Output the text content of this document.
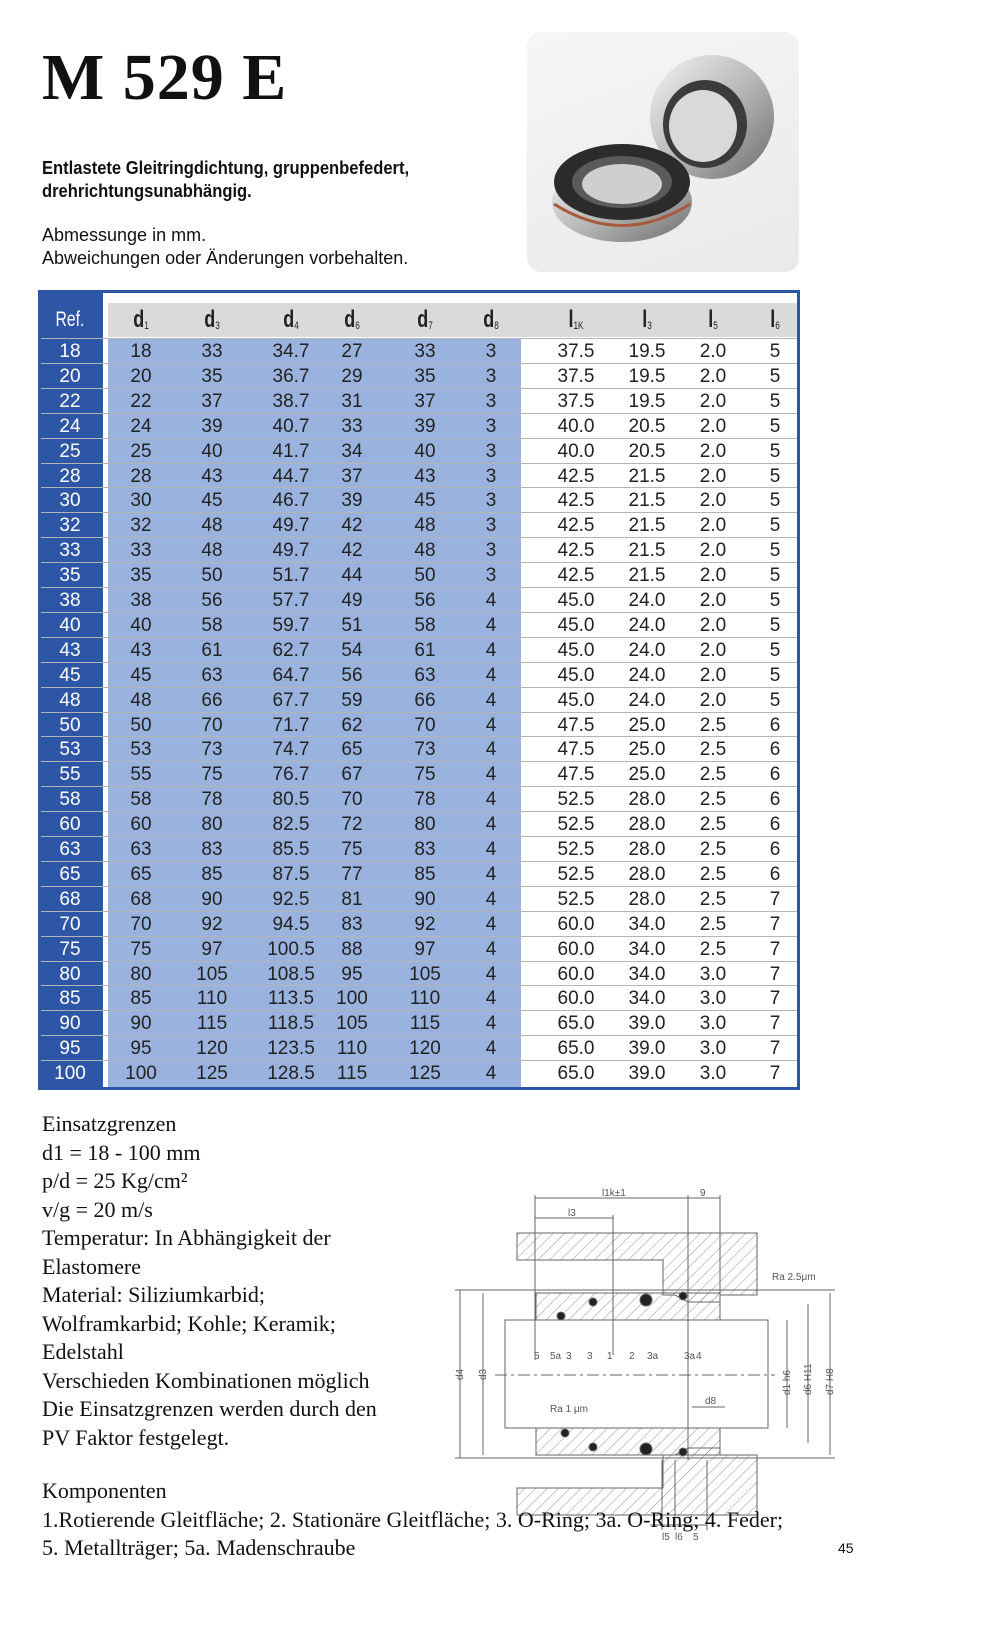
M 529 E
Entlastete Gleitringdichtung, gruppenbefedert,
drehrichtungsunabhängig.
Abmessunge in mm.
Abweichungen oder Änderungen vorbehalten.
Ref.	$d_1$	$d_3$	$d_4$	$d_6$	$d_7$	$d_8$	$l_{1K}$	$l_3$	$l_5$	$l_6$
18	18	33	34.7	27	33	3	37.5	19.5	2.0	5
20	20	35	36.7	29	35	3	37.5	19.5	2.0	5
22	22	37	38.7	31	37	3	37.5	19.5	2.0	5
24	24	39	40.7	33	39	3	40.0	20.5	2.0	5
25	25	40	41.7	34	40	3	40.0	20.5	2.0	5
28	28	43	44.7	37	43	3	42.5	21.5	2.0	5
30	30	45	46.7	39	45	3	42.5	21.5	2.0	5
32	32	48	49.7	42	48	3	42.5	21.5	2.0	5
33	33	48	49.7	42	48	3	42.5	21.5	2.0	5
35	35	50	51.7	44	50	3	42.5	21.5	2.0	5
38	38	56	57.7	49	56	4	45.0	24.0	2.0	5
40	40	58	59.7	51	58	4	45.0	24.0	2.0	5
43	43	61	62.7	54	61	4	45.0	24.0	2.0	5
45	45	63	64.7	56	63	4	45.0	24.0	2.0	5
48	48	66	67.7	59	66	4	45.0	24.0	2.0	5
50	50	70	71.7	62	70	4	47.5	25.0	2.5	6
53	53	73	74.7	65	73	4	47.5	25.0	2.5	6
55	55	75	76.7	67	75	4	47.5	25.0	2.5	6
58	58	78	80.5	70	78	4	52.5	28.0	2.5	6
60	60	80	82.5	72	80	4	52.5	28.0	2.5	6
63	63	83	85.5	75	83	4	52.5	28.0	2.5	6
65	65	85	87.5	77	85	4	52.5	28.0	2.5	6
68	68	90	92.5	81	90	4	52.5	28.0	2.5	7
70	70	92	94.5	83	92	4	60.0	34.0	2.5	7
75	75	97	100.5	88	97	4	60.0	34.0	2.5	7
80	80	105	108.5	95	105	4	60.0	34.0	3.0	7
85	85	110	113.5	100	110	4	60.0	34.0	3.0	7
90	90	115	118.5	105	115	4	65.0	39.0	3.0	7
95	95	120	123.5	110	120	4	65.0	39.0	3.0	7
100	100	125	128.5	115	125	4	65.0	39.0	3.0	7
Einsatzgrenzen
d1 = 18 - 100 mm
p/d = 25 Kg/cm²
v/g = 20 m/s
Temperatur: In Abhängigkeit der
Elastomere
Material: Siliziumkarbid;
Wolframkarbid; Kohle; Keramik;
Edelstahl
Verschieden Kombinationen möglich
Die Einsatzgrenzen werden durch den
PV Faktor festgelegt.
l1k±1	9
l3
Ra 2.5μm
Ra 1 μm
d8
d4 d3	d1 h6 d6 H11 d7 H8
l5 l6 5
5 5a 3 3 1 2 3a	3a 4
Komponenten
1.Rotierende Gleitfläche; 2. Stationäre Gleitfläche; 3. O-Ring; 3a. O-Ring; 4. Feder;
5. Metallträger; 5a. Madenschraube	45
